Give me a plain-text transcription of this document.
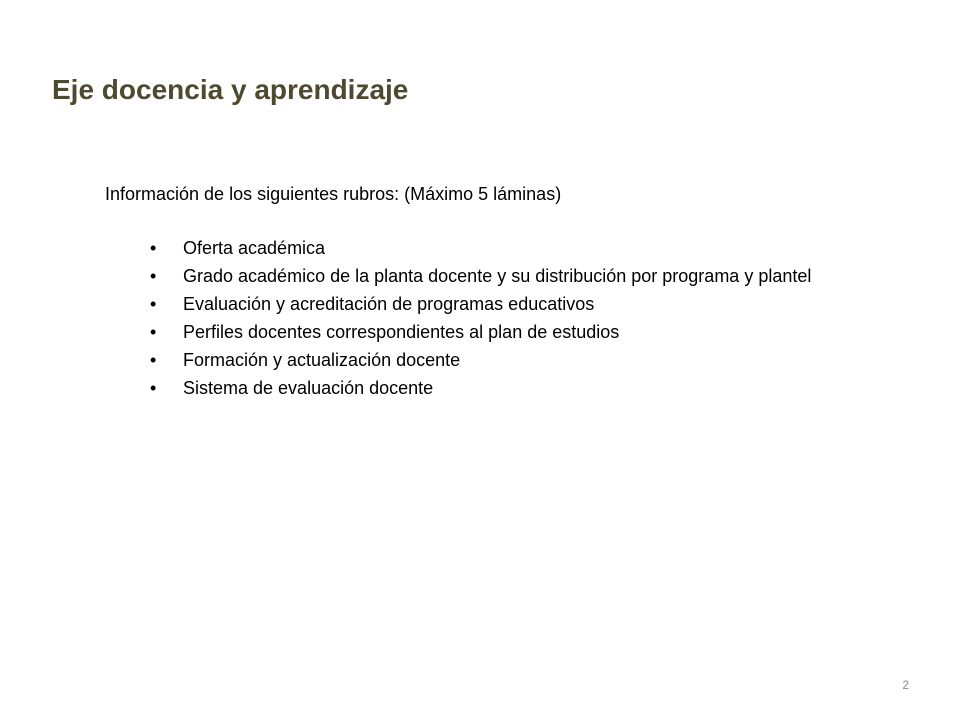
Eje docencia y aprendizaje

Información de los siguientes rubros: (Máximo 5 láminas)

• Oferta académica
• Grado académico de la planta docente y su distribución por programa y plantel
• Evaluación y acreditación de programas educativos
• Perfiles docentes correspondientes al plan de estudios
• Formación y actualización docente
• Sistema de evaluación docente
2
